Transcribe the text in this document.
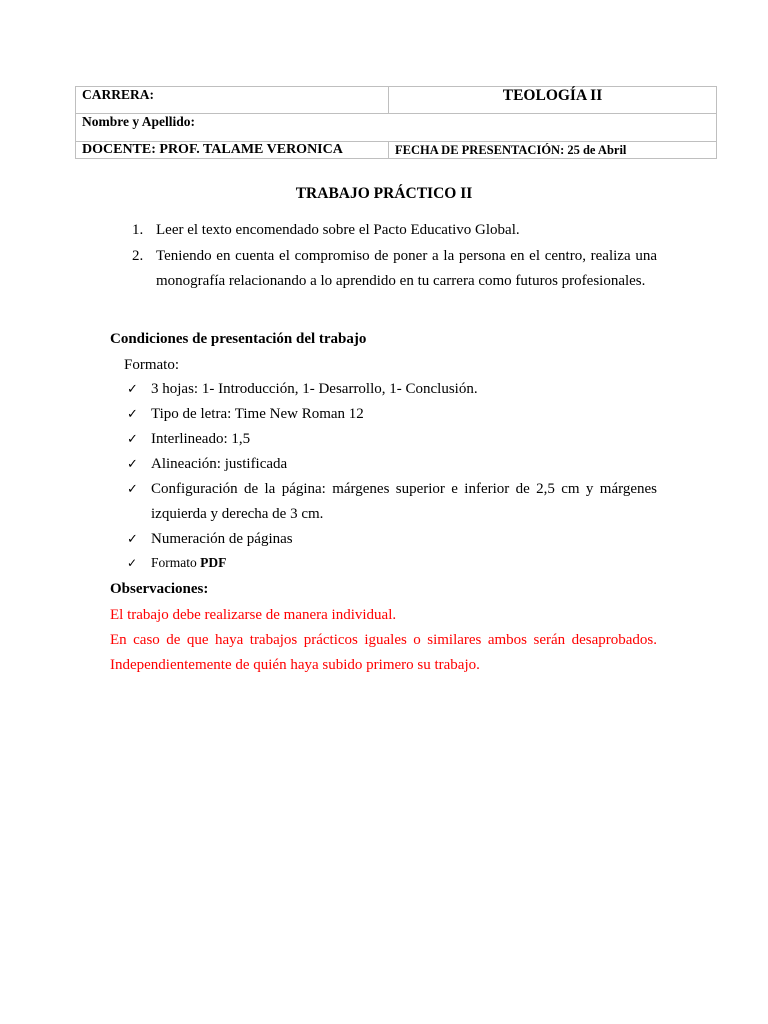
CARRERA:	TEOLOGÍA II
Nombre y Apellido:	
DOCENTE: PROF. TALAME VERONICA	FECHA DE PRESENTACIÓN: 25 de Abril
TRABAJO PRÁCTICO II
1. Leer el texto encomendado sobre el Pacto Educativo Global.
2. Teniendo en cuenta el compromiso de poner a la persona en el centro, realiza una monografía relacionando a lo aprendido en tu carrera como futuros profesionales.
Condiciones de presentación del trabajo
Formato:
✓ 3 hojas: 1- Introducción, 1- Desarrollo, 1- Conclusión.
✓ Tipo de letra: Time New Roman 12
✓ Interlineado: 1,5
✓ Alineación: justificada
✓ Configuración de la página: márgenes superior e inferior de 2,5 cm y márgenes izquierda y derecha de 3 cm.
✓ Numeración de páginas
✓ Formato PDF
Observaciones:

El trabajo debe realizarse de manera individual.

En caso de que haya trabajos prácticos iguales o similares ambos serán desaprobados.

Independientemente de quién haya subido primero su trabajo.
